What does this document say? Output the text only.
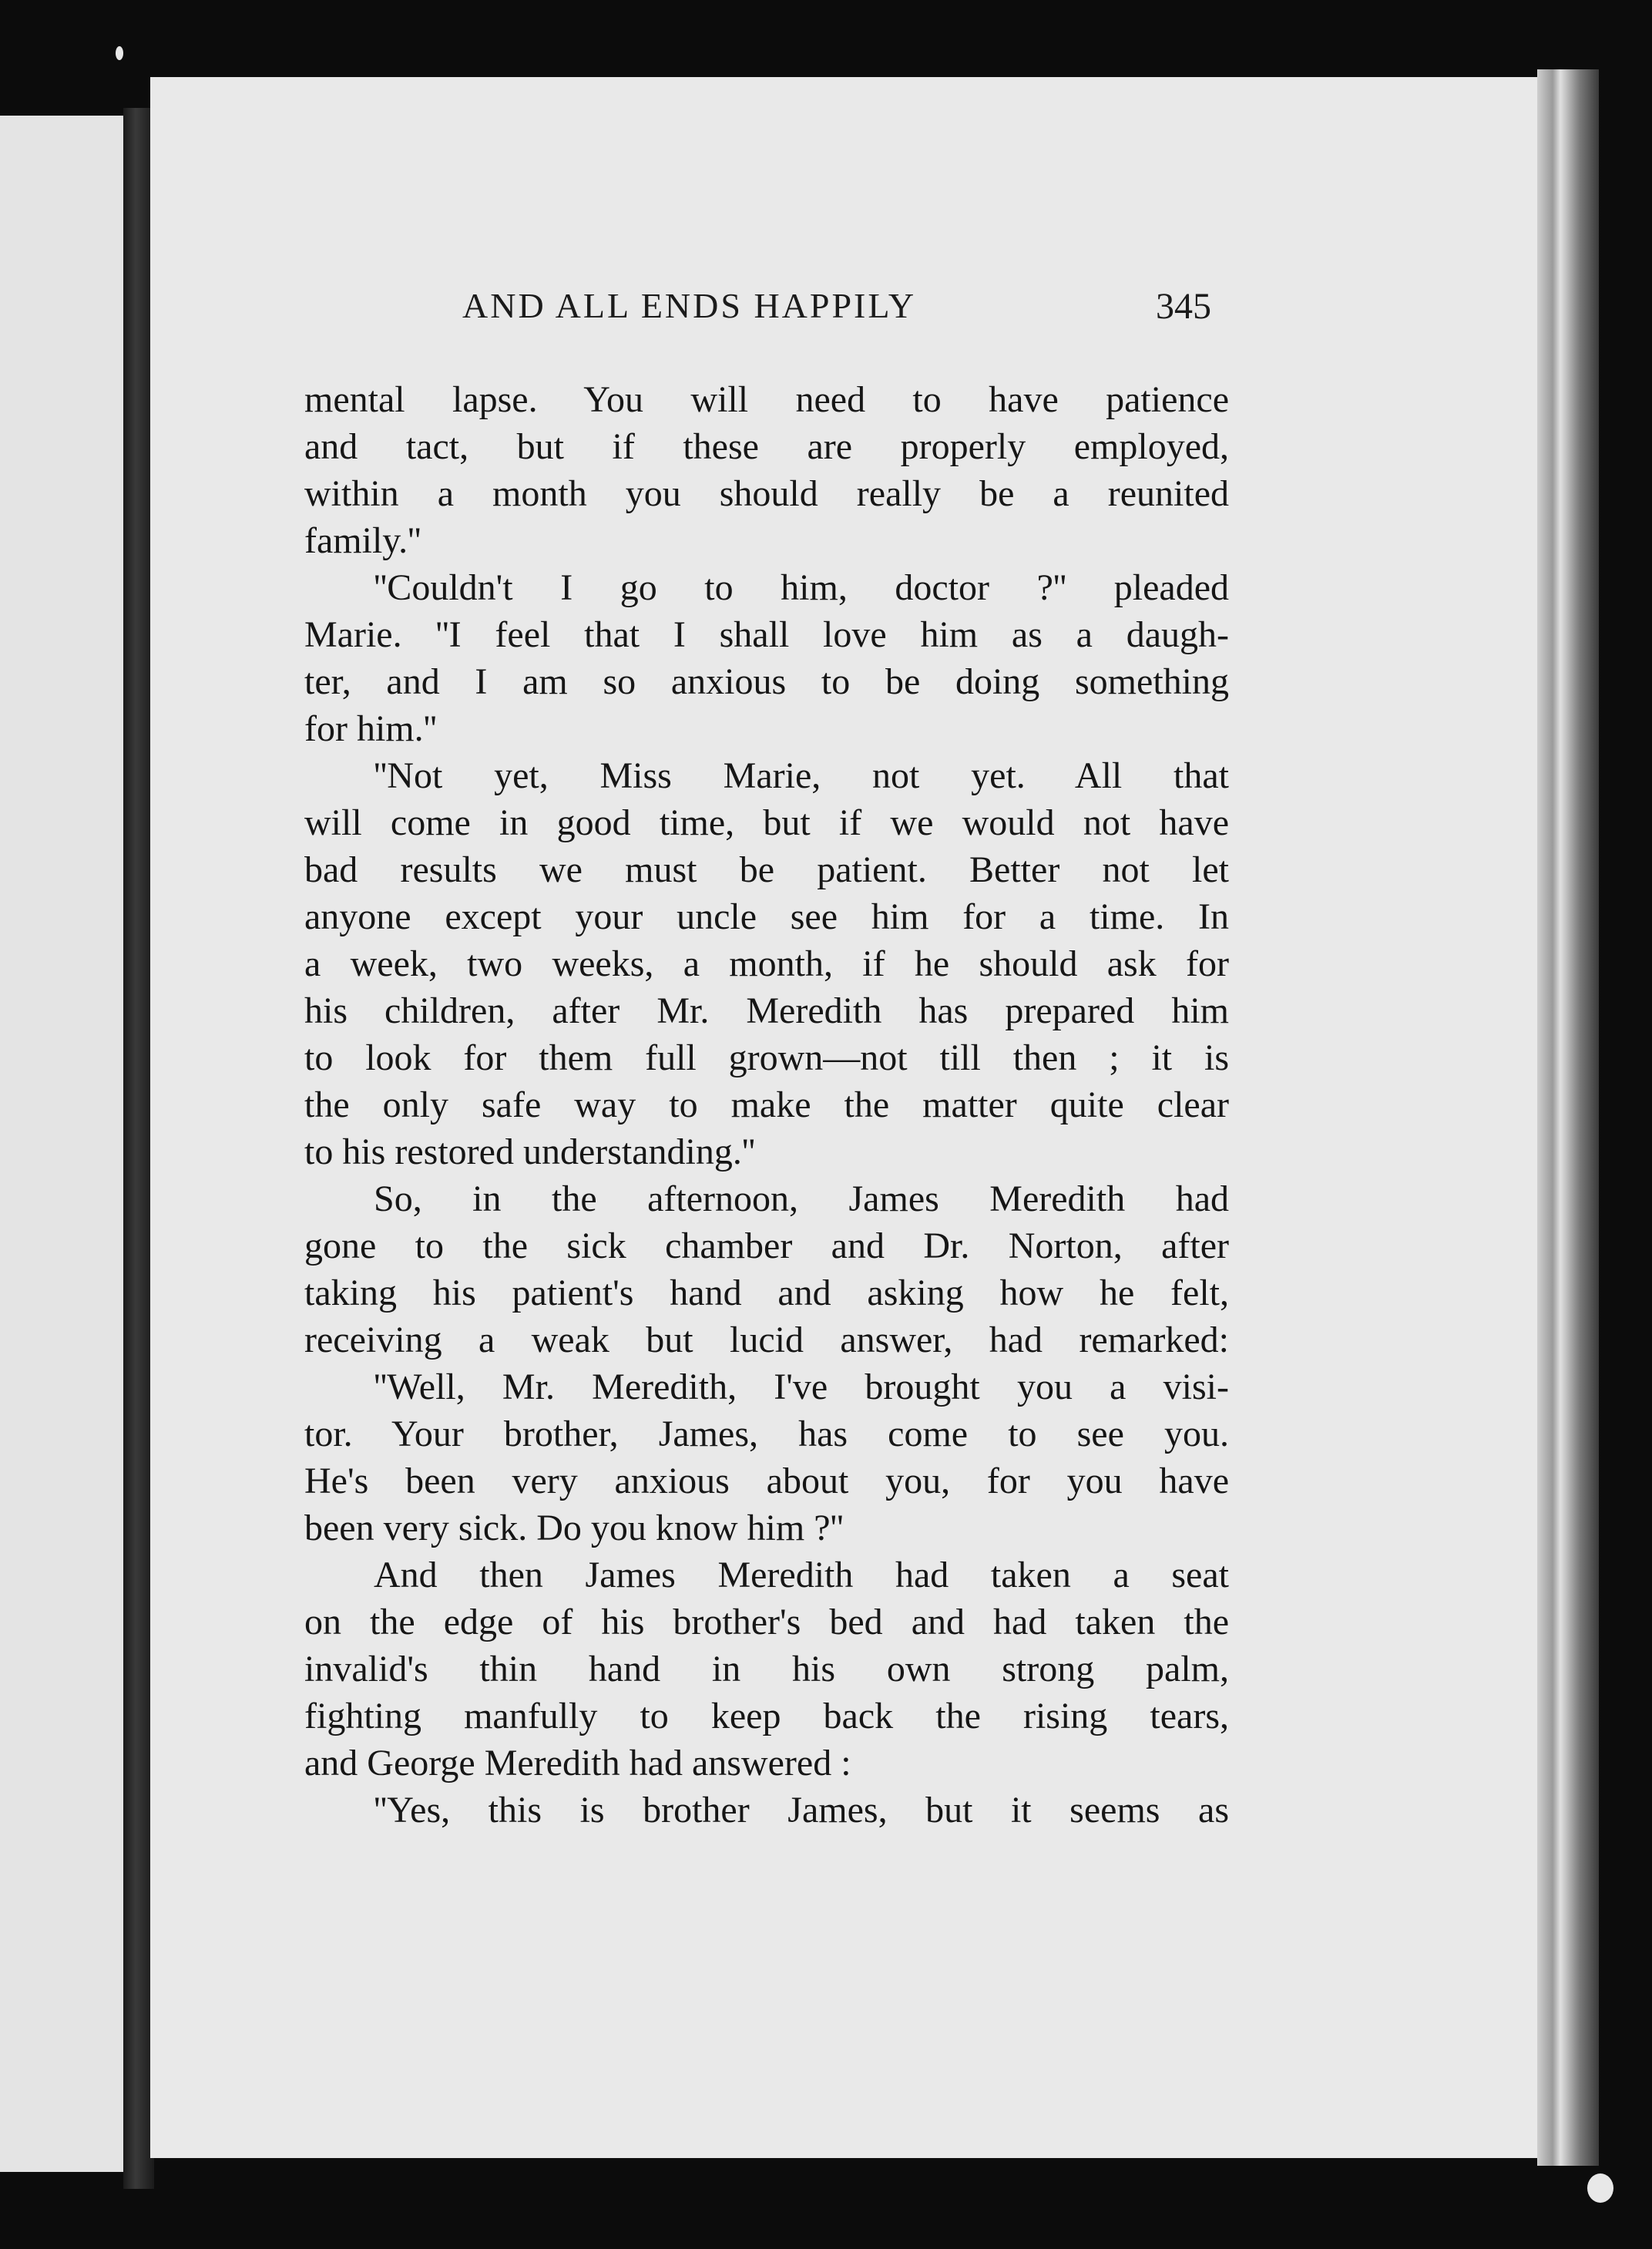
AND ALL ENDS HAPPILY	345
mental lapse. You will need to have patience
and tact, but if these are properly employed,
within a month you should really be a reunited
family.''
''Couldn't I go to him, doctor ?'' pleaded
Marie. ''I feel that I shall love him as a daugh-
ter, and I am so anxious to be doing something
for him.''
''Not yet, Miss Marie, not yet. All that
will come in good time, but if we would not have
bad results we must be patient. Better not let
anyone except your uncle see him for a time. In
a week, two weeks, a month, if he should ask for
his children, after Mr. Meredith has prepared him
to look for them full grown—not till then ; it is
the only safe way to make the matter quite clear
to his restored understanding.''
So, in the afternoon, James Meredith had
gone to the sick chamber and Dr. Norton, after
taking his patient's hand and asking how he felt,
receiving a weak but lucid answer, had remarked:
''Well, Mr. Meredith, I've brought you a visi-
tor. Your brother, James, has come to see you.
He's been very anxious about you, for you have
been very sick. Do you know him ?''
And then James Meredith had taken a seat
on the edge of his brother's bed and had taken the
invalid's thin hand in his own strong palm,
fighting manfully to keep back the rising tears,
and George Meredith had answered :
''Yes, this is brother James, but it seems as
